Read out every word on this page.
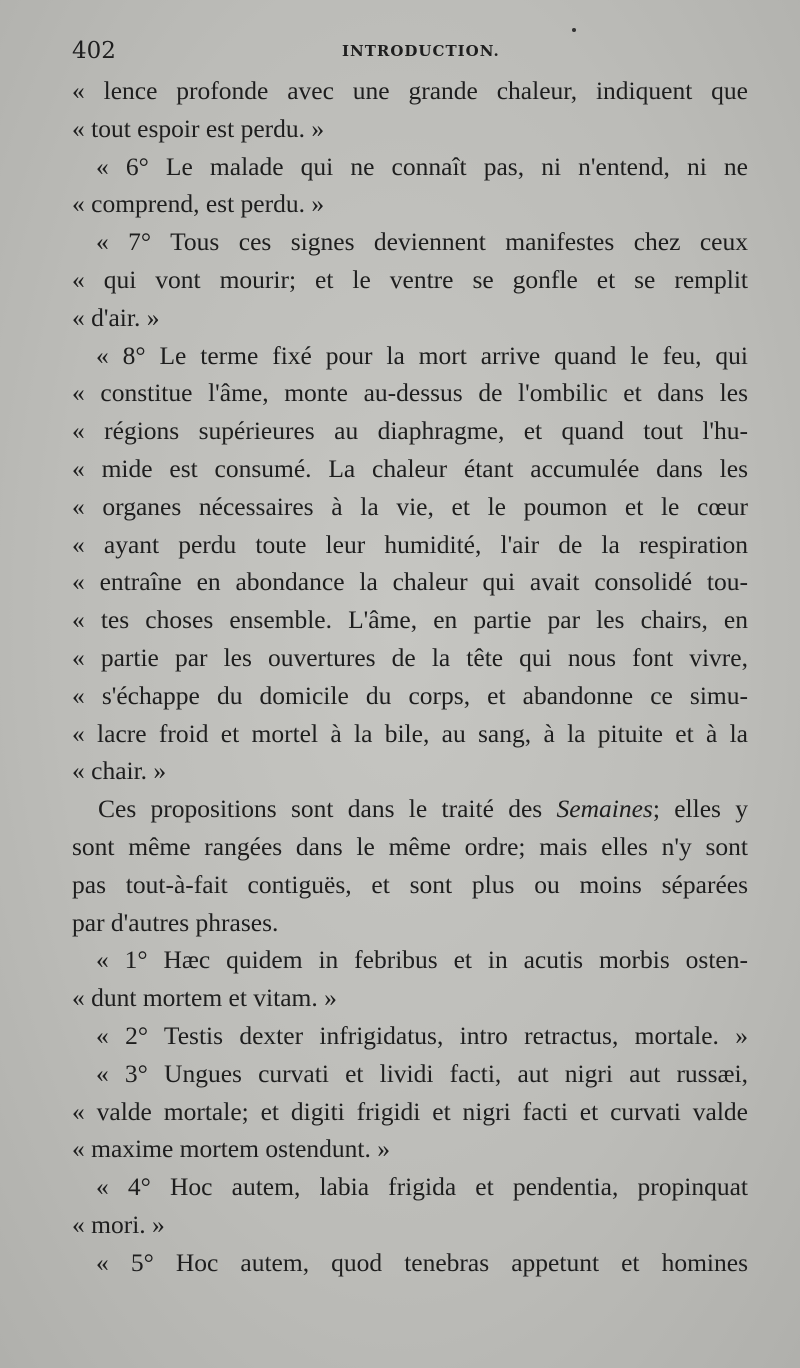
402	INTRODUCTION.
« lence profonde avec une grande chaleur, indiquent que
« tout espoir est perdu. »
« 6° Le malade qui ne connaît pas, ni n'entend, ni ne
« comprend, est perdu. »
« 7° Tous ces signes deviennent manifestes chez ceux
« qui vont mourir; et le ventre se gonfle et se remplit
« d'air. »
« 8° Le terme fixé pour la mort arrive quand le feu, qui
« constitue l'âme, monte au-dessus de l'ombilic et dans les
« régions supérieures au diaphragme, et quand tout l'hu-
« mide est consumé. La chaleur étant accumulée dans les
« organes nécessaires à la vie, et le poumon et le cœur
« ayant perdu toute leur humidité, l'air de la respiration
« entraîne en abondance la chaleur qui avait consolidé tou-
« tes choses ensemble. L'âme, en partie par les chairs, en
« partie par les ouvertures de la tête qui nous font vivre,
« s'échappe du domicile du corps, et abandonne ce simu-
« lacre froid et mortel à la bile, au sang, à la pituite et à la
« chair. »
Ces propositions sont dans le traité des Semaines; elles y
sont même rangées dans le même ordre; mais elles n'y sont
pas tout-à-fait contiguës, et sont plus ou moins séparées
par d'autres phrases.
« 1° Hæc quidem in febribus et in acutis morbis osten-
« dunt mortem et vitam. »
« 2° Testis dexter infrigidatus, intro retractus, mortale. »
« 3° Ungues curvati et lividi facti, aut nigri aut russæi,
« valde mortale; et digiti frigidi et nigri facti et curvati valde
« maxime mortem ostendunt. »
« 4° Hoc autem, labia frigida et pendentia, propinquat
« mori. »
« 5° Hoc autem, quod tenebras appetunt et homines
